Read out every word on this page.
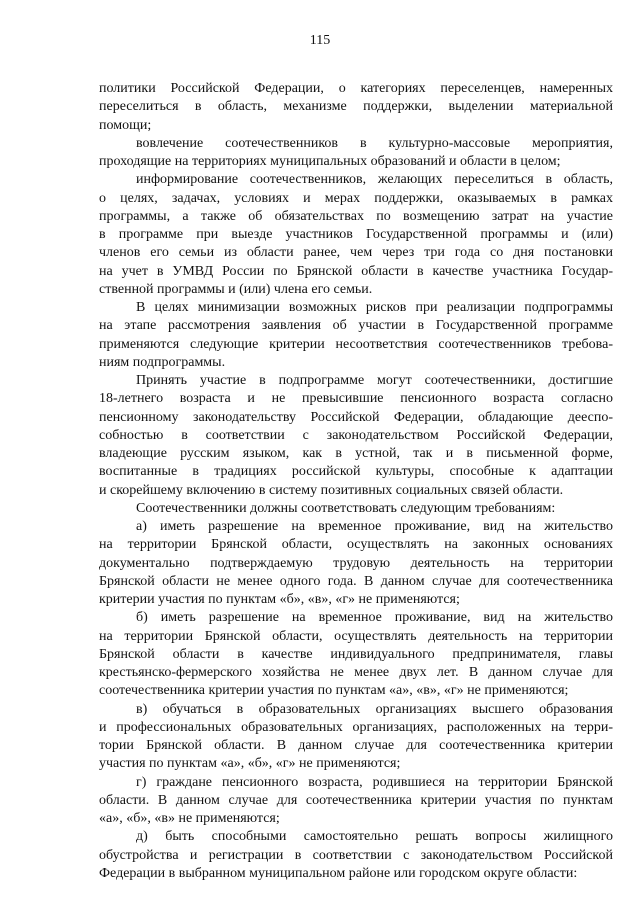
115
политики Российской Федерации, о категориях переселенцев, намеренных
переселиться в область, механизме поддержки, выделении материальной
помощи;
вовлечение соотечественников в культурно-массовые мероприятия,
проходящие на территориях муниципальных образований и области в целом;
информирование соотечественников, желающих переселиться в область,
о целях, задачах, условиях и мерах поддержки, оказываемых в рамках
программы, а также об обязательствах по возмещению затрат на участие
в программе при выезде участников Государственной программы и (или)
членов его семьи из области ранее, чем через три года со дня постановки
на учет в УМВД России по Брянской области в качестве участника Государ-
ственной программы и (или) члена его семьи.
В целях минимизации возможных рисков при реализации подпрограммы
на этапе рассмотрения заявления об участии в Государственной программе
применяются следующие критерии несоответствия соотечественников требова-
ниям подпрограммы.
Принять участие в подпрограмме могут соотечественники, достигшие
18-летнего возраста и не превысившие пенсионного возраста согласно
пенсионному законодательству Российской Федерации, обладающие дееспо-
собностью в соответствии с законодательством Российской Федерации,
владеющие русским языком, как в устной, так и в письменной форме,
воспитанные в традициях российской культуры, способные к адаптации
и скорейшему включению в систему позитивных социальных связей области.
Соотечественники должны соответствовать следующим требованиям:
а) иметь разрешение на временное проживание, вид на жительство
на территории Брянской области, осуществлять на законных основаниях
документально подтверждаемую трудовую деятельность на территории
Брянской области не менее одного года. В данном случае для соотечественника
критерии участия по пунктам «б», «в», «г» не применяются;
б) иметь разрешение на временное проживание, вид на жительство
на территории Брянской области, осуществлять деятельность на территории
Брянской области в качестве индивидуального предпринимателя, главы
крестьянско-фермерского хозяйства не менее двух лет. В данном случае для
соотечественника критерии участия по пунктам «а», «в», «г» не применяются;
в) обучаться в образовательных организациях высшего образования
и профессиональных образовательных организациях, расположенных на терри-
тории Брянской области. В данном случае для соотечественника критерии
участия по пунктам «а», «б», «г» не применяются;
г) граждане пенсионного возраста, родившиеся на территории Брянской
области. В данном случае для соотечественника критерии участия по пунктам
«а», «б», «в» не применяются;
д) быть способными самостоятельно решать вопросы жилищного
обустройства и регистрации в соответствии с законодательством Российской
Федерации в выбранном муниципальном районе или городском округе области:
